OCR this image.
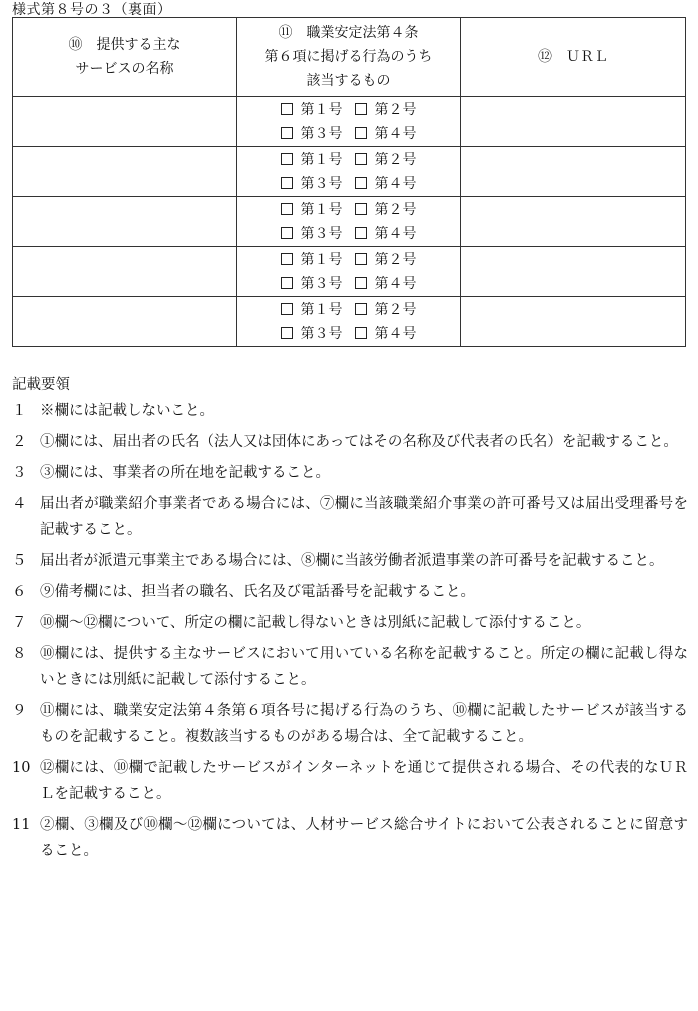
様式第８号の３（裏面）
⑩　提供する主な
サービスの名称	⑪　職業安定法第４条
第６項に掲げる行為のうち
該当するもの	⑫　ＵＲＬ

	第１号 第２号
第３号 第４号	

	第１号 第２号
第３号 第４号	

	第１号 第２号
第３号 第４号	

	第１号 第２号
第３号 第４号	

	第１号 第２号
第３号 第４号	

記載要領
１ ※欄には記載しないこと。
２ ①欄には、届出者の氏名（法人又は団体にあってはその名称及び代表者の氏名）を記載すること。
３ ③欄には、事業者の所在地を記載すること。
４ 届出者が職業紹介事業者である場合には、⑦欄に当該職業紹介事業の許可番号又は届出受理番号を記載すること。
５ 届出者が派遣元事業主である場合には、⑧欄に当該労働者派遣事業の許可番号を記載すること。
６ ⑨備考欄には、担当者の職名、氏名及び電話番号を記載すること。
７ ⑩欄～⑫欄について、所定の欄に記載し得ないときは別紙に記載して添付すること。
８ ⑩欄には、提供する主なサービスにおいて用いている名称を記載すること。所定の欄に記載し得ないときには別紙に記載して添付すること。
９ ⑪欄には、職業安定法第４条第６項各号に掲げる行為のうち、⑩欄に記載したサービスが該当するものを記載すること。複数該当するものがある場合は、全て記載すること。
10 ⑫欄には、⑩欄で記載したサービスがインターネットを通じて提供される場合、その代表的なＵＲＬを記載すること。
11 ②欄、③欄及び⑩欄～⑫欄については、人材サービス総合サイトにおいて公表されることに留意すること。
